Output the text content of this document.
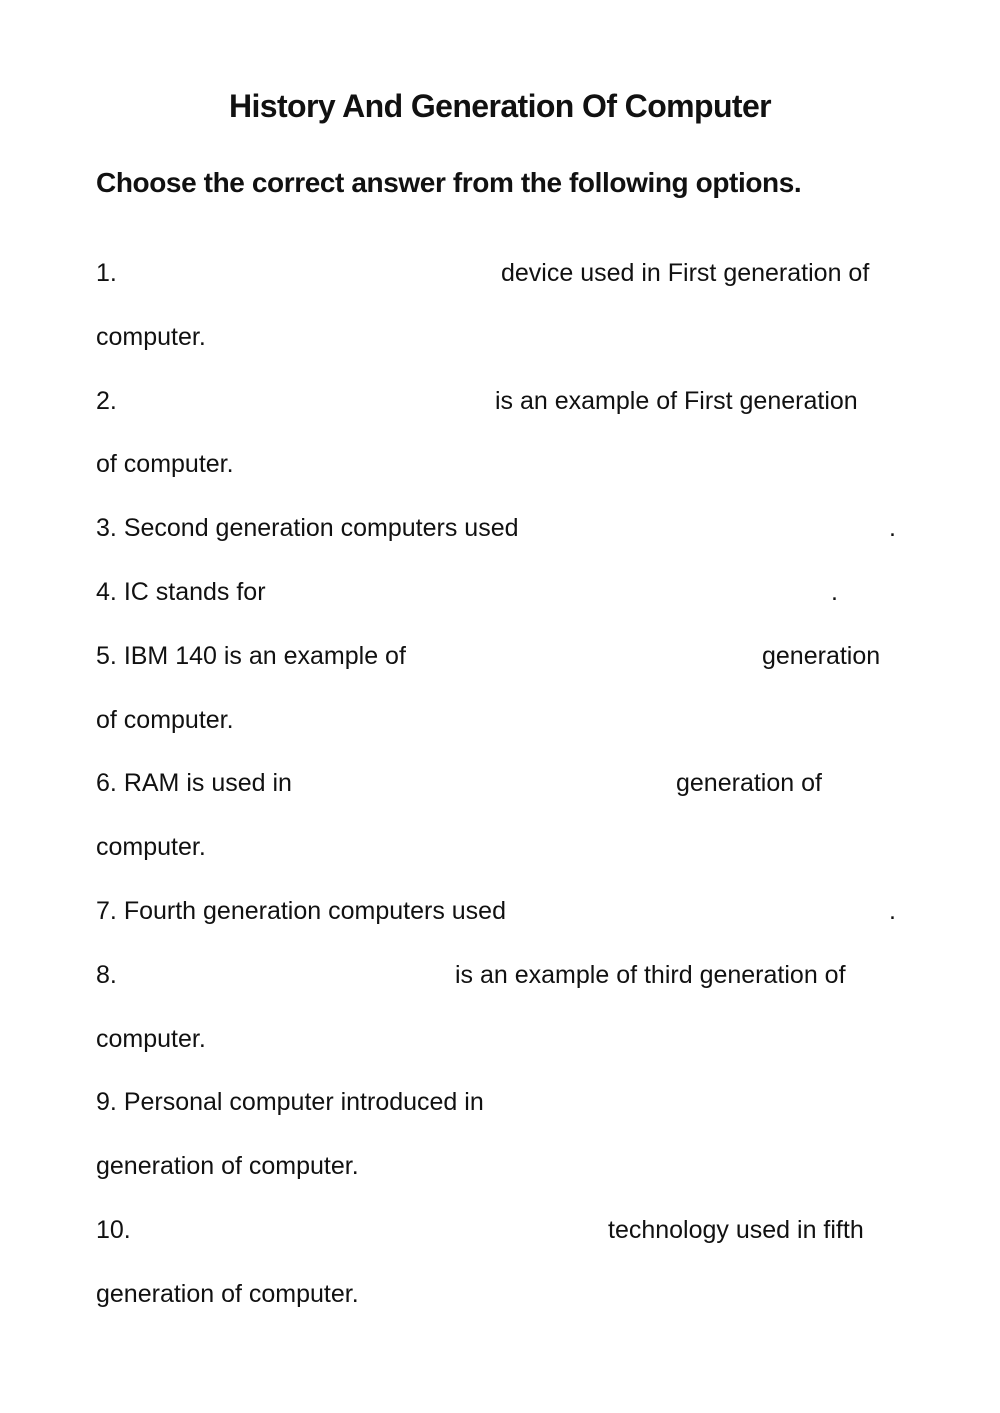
History And Generation Of Computer
Choose the correct answer from the following options.
1.	device used in First generation of
computer.
2.	is an example of First generation
of computer.
3. Second generation computers used	.
4. IC stands for	.
5. IBM 140 is an example of	generation
of computer.
6. RAM is used in	generation of
computer.
7. Fourth generation computers used	.
8.	is an example of third generation of
computer.
9. Personal computer introduced in
generation of computer.
10.	technology used in fifth
generation of computer.
